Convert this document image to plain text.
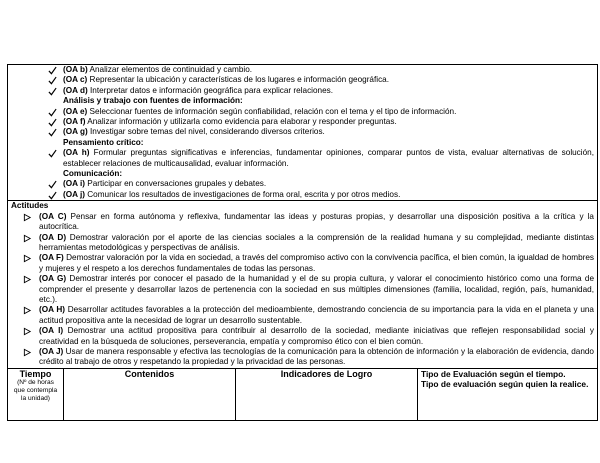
(OA b) Analizar elementos de continuidad y cambio.
(OA c) Representar la ubicación y características de los lugares e información geográfica.
(OA d) Interpretar datos e información geográfica para explicar relaciones.
Análisis y trabajo con fuentes de información:
(OA e) Seleccionar fuentes de información según confiabilidad, relación con el tema y el tipo de información.
(OA f) Analizar información y utilizarla como evidencia para elaborar y responder preguntas.
(OA g) Investigar sobre temas del nivel, considerando diversos criterios.
Pensamiento crítico:
(OA h) Formular preguntas significativas e inferencias, fundamentar opiniones, comparar puntos de vista, evaluar alternativas de solución, establecer relaciones de multicausalidad, evaluar información.
Comunicación:
(OA i) Participar en conversaciones grupales y debates.
(OA j) Comunicar los resultados de investigaciones de forma oral, escrita y por otros medios.

Actitudes
(OA C) Pensar en forma autónoma y reflexiva, fundamentar las ideas y posturas propias, y desarrollar una disposición positiva a la crítica y la autocrítica.
(OA D) Demostrar valoración por el aporte de las ciencias sociales a la comprensión de la realidad humana y su complejidad, mediante distintas herramientas metodológicas y perspectivas de análisis.
(OA F) Demostrar valoración por la vida en sociedad, a través del compromiso activo con la convivencia pacífica, el bien común, la igualdad de hombres y mujeres y el respeto a los derechos fundamentales de todas las personas.
(OA G) Demostrar interés por conocer el pasado de la humanidad y el de su propia cultura, y valorar el conocimiento histórico como una forma de comprender el presente y desarrollar lazos de pertenencia con la sociedad en sus múltiples dimensiones (familia, localidad, región, país, humanidad, etc.).
(OA H) Desarrollar actitudes favorables a la protección del medioambiente, demostrando conciencia de su importancia para la vida en el planeta y una actitud propositiva ante la necesidad de lograr un desarrollo sustentable.
(OA I) Demostrar una actitud propositiva para contribuir al desarrollo de la sociedad, mediante iniciativas que reflejen responsabilidad social y creatividad en la búsqueda de soluciones, perseverancia, empatía y compromiso ético con el bien común.
(OA J) Usar de manera responsable y efectiva las tecnologías de la comunicación para la obtención de información y la elaboración de evidencia, dando crédito al trabajo de otros y respetando la propiedad y la privacidad de las personas.

Tiempo
(Nº de horas que contempla la unidad)

Contenidos	Indicadores de Logro	Tipo de Evaluación según el tiempo.
Tipo de evaluación según quien la realice.
